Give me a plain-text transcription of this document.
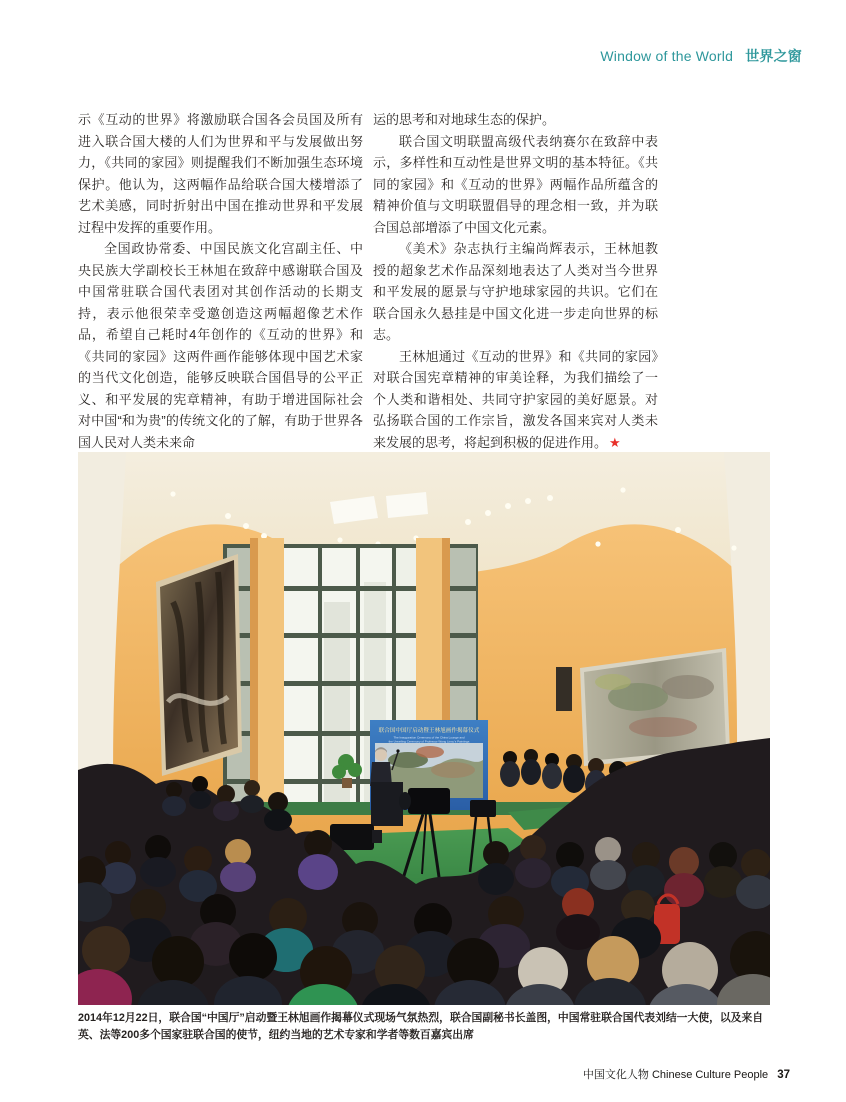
Window of the World 世界之窗

示《互动的世界》将激励联合国各会员国及所有进入联合国大楼的人们为世界和平与发展做出努力，《共同的家园》则提醒我们不断加强生态环境保护。他认为，这两幅作品给联合国大楼增添了艺术美感，同时折射出中国在推动世界和平发展过程中发挥的重要作用。

全国政协常委、中国民族文化宫副主任、中央民族大学副校长王林旭在致辞中感谢联合国及中国常驻联合国代表团对其创作活动的长期支持，表示他很荣幸受邀创造这两幅超像艺术作品，希望自己耗时4年创作的《互动的世界》和《共同的家园》这两件画作能够体现中国艺术家的当代文化创造，能够反映联合国倡导的公平正义、和平发展的宪章精神，有助于增进国际社会对中国“和为贵”的传统文化的了解，有助于世界各国人民对人类未来命

运的思考和对地球生态的保护。

联合国文明联盟高级代表纳赛尔在致辞中表示，多样性和互动性是世界文明的基本特征。《共同的家园》和《互动的世界》两幅作品所蕴含的精神价值与文明联盟倡导的理念相一致，并为联合国总部增添了中国文化元素。

《美术》杂志执行主编尚辉表示，王林旭教授的超象艺术作品深刻地表达了人类对当今世界和平发展的愿景与守护地球家园的共识。它们在联合国永久悬挂是中国文化进一步走向世界的标志。

王林旭通过《互动的世界》和《共同的家园》对联合国宪章精神的审美诠释，为我们描绘了一个人类和谐相处、共同守护家园的美好愿景。对弘扬联合国的工作宗旨，激发各国来宾对人类未来发展的思考，将起到积极的促进作用。 ★

联合国中国厅启动暨王林旭画作揭幕仪式
The Inauguration Ceremony of the China Lounge and
the Unveiling Ceremony of Professor Wang Linxu's Paintings

2014年12月22日，联合国“中国厅”启动暨王林旭画作揭幕仪式现场气氛热烈，联合国副秘书长盖图，中国常驻联合国代表刘结一大使，以及来自英、法等200多个国家驻联合国的使节，纽约当地的艺术专家和学者等数百嘉宾出席

中国文化人物 Chinese Culture People 37
